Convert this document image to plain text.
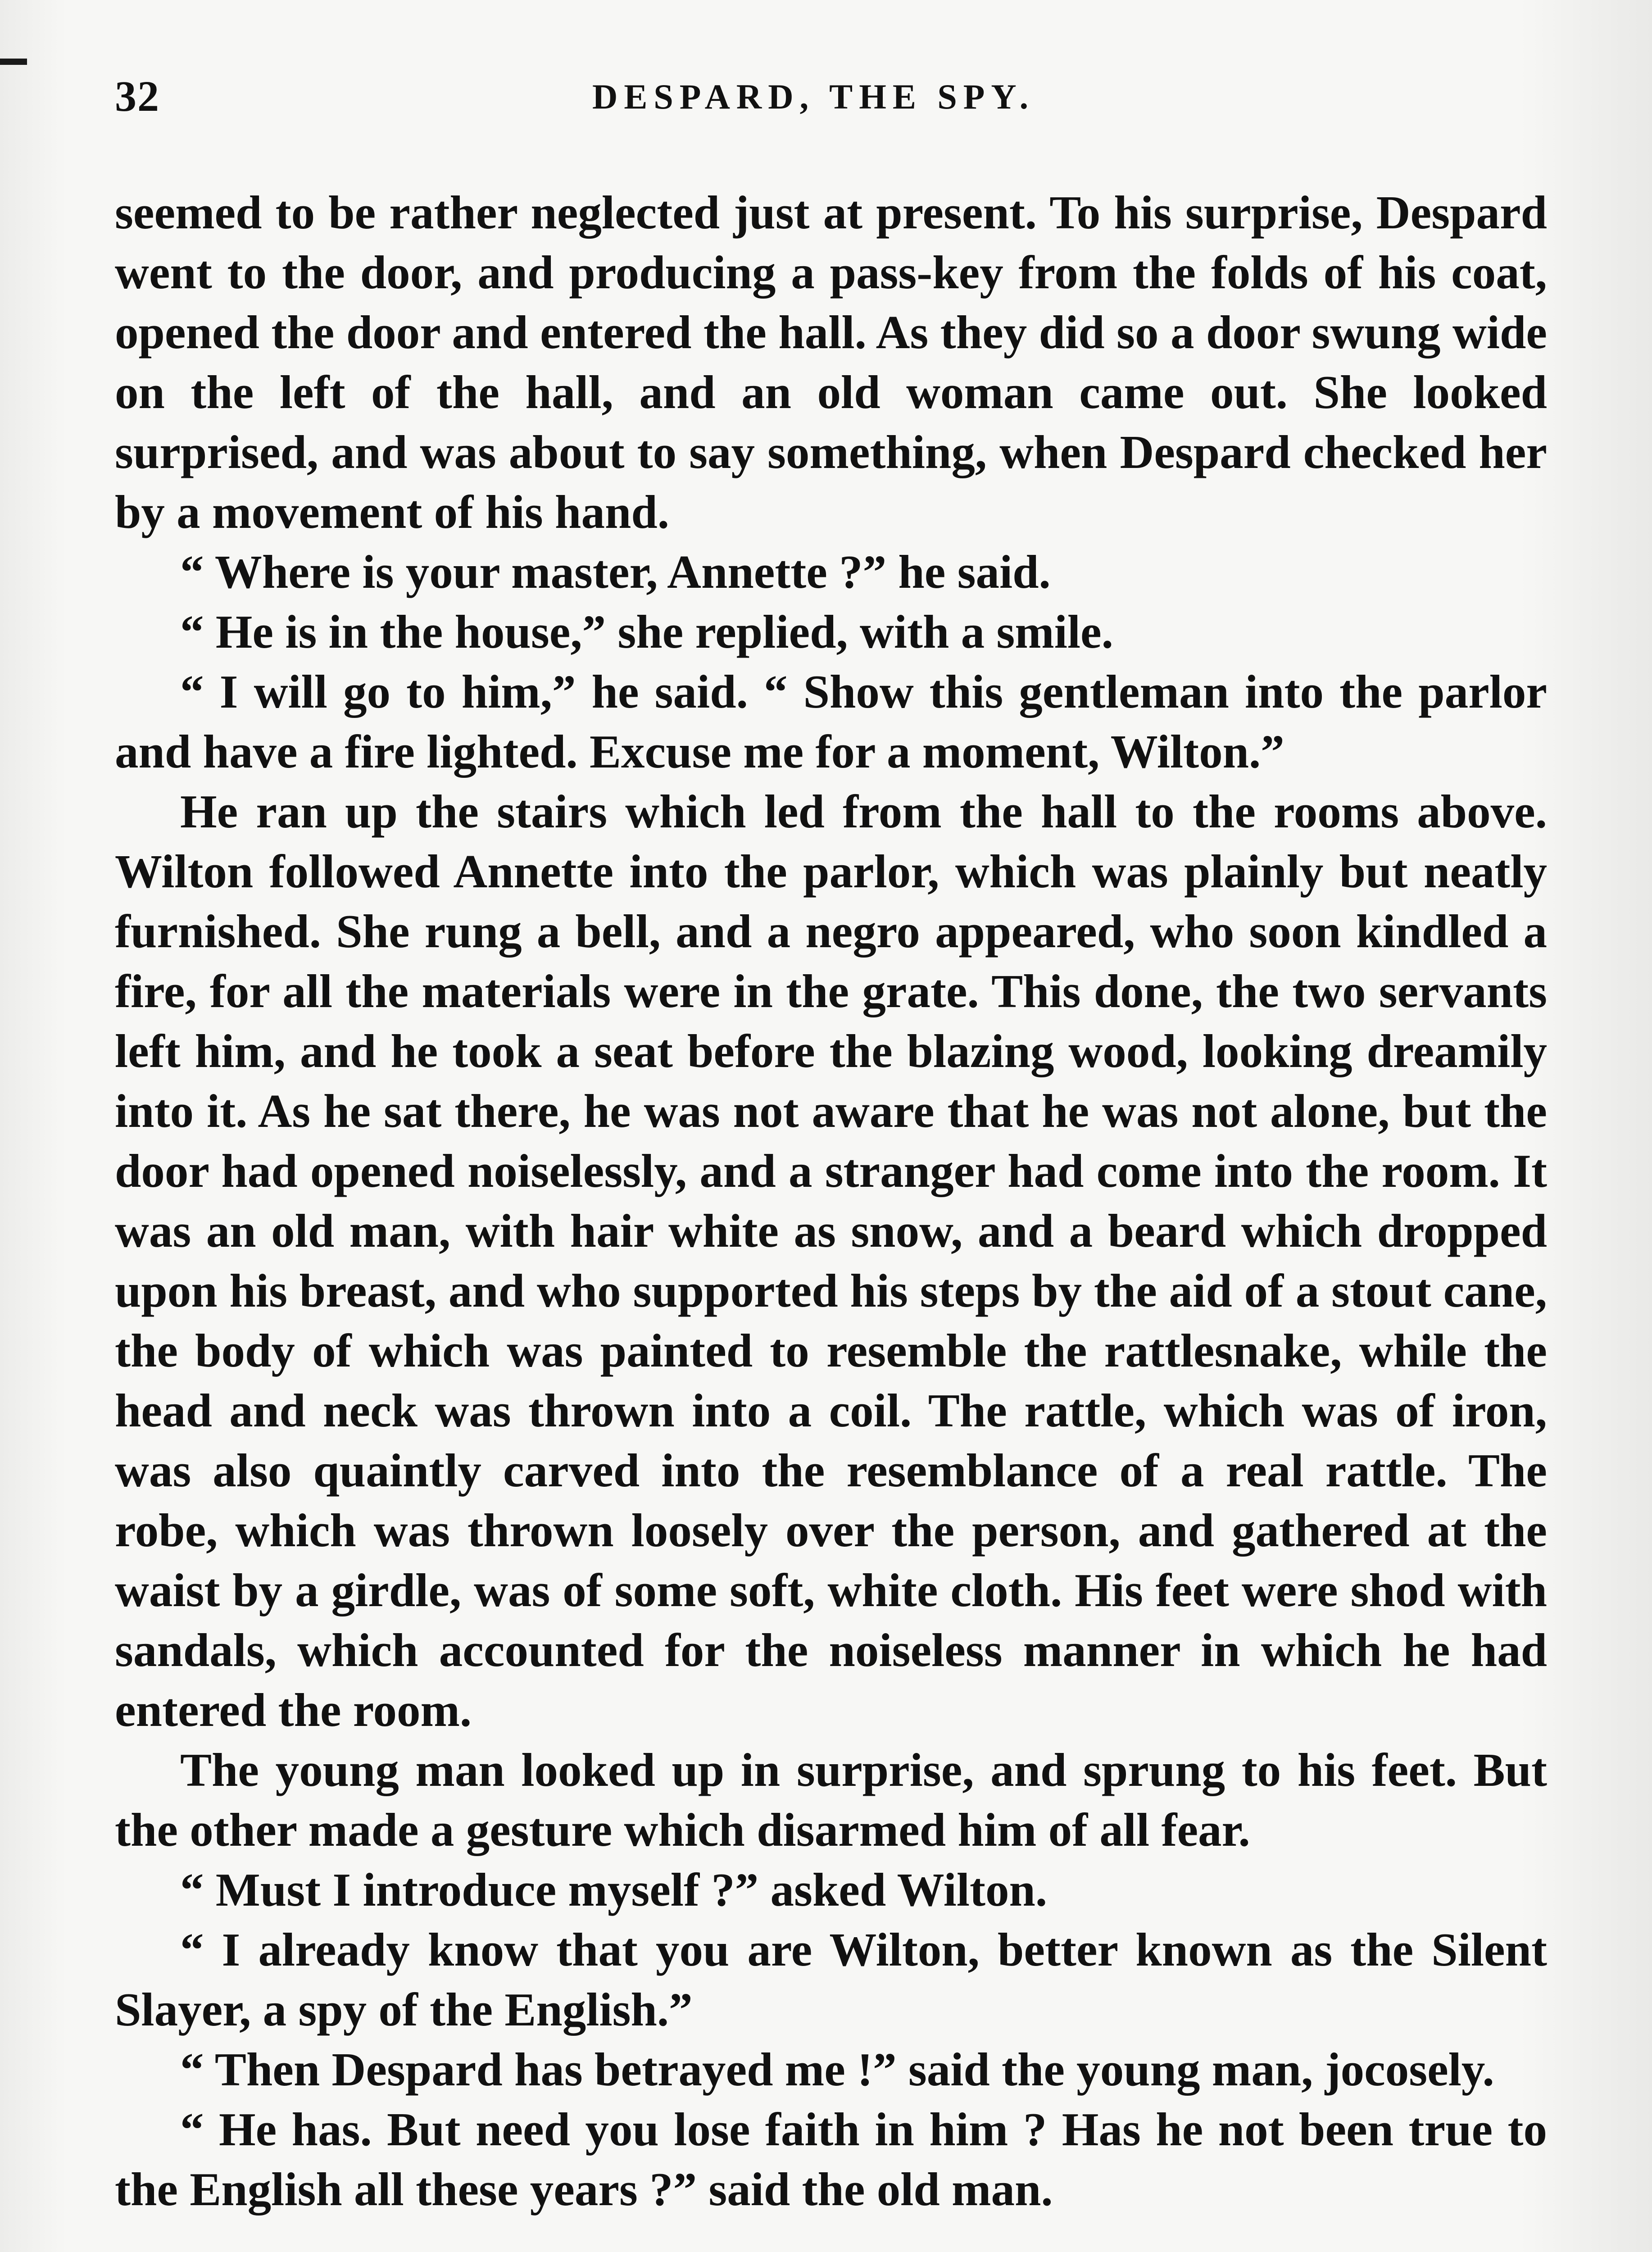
32	DESPARD, THE SPY.

seemed to be rather neglected just at present. To his surprise, Despard went to the door, and producing a pass-key from the folds of his coat, opened the door and entered the hall. As they did so a door swung wide on the left of the hall, and an old woman came out. She looked surprised, and was about to say something, when Despard checked her by a movement of his hand.

“ Where is your master, Annette ?” he said.

“ He is in the house,” she replied, with a smile.

“ I will go to him,” he said. “ Show this gentleman into the parlor and have a fire lighted. Excuse me for a moment, Wilton.”

He ran up the stairs which led from the hall to the rooms above. Wilton followed Annette into the parlor, which was plainly but neatly furnished. She rung a bell, and a negro appeared, who soon kindled a fire, for all the materials were in the grate. This done, the two servants left him, and he took a seat before the blazing wood, looking dreamily into it. As he sat there, he was not aware that he was not alone, but the door had opened noiselessly, and a stranger had come into the room. It was an old man, with hair white as snow, and a beard which dropped upon his breast, and who supported his steps by the aid of a stout cane, the body of which was painted to resemble the rattlesnake, while the head and neck was thrown into a coil. The rattle, which was of iron, was also quaintly carved into the resemblance of a real rattle. The robe, which was thrown loosely over the person, and gathered at the waist by a girdle, was of some soft, white cloth. His feet were shod with sandals, which accounted for the noiseless manner in which he had entered the room.

The young man looked up in surprise, and sprung to his feet. But the other made a gesture which disarmed him of all fear.

“ Must I introduce myself ?” asked Wilton.

“ I already know that you are Wilton, better known as the Silent Slayer, a spy of the English.”

“ Then Despard has betrayed me !” said the young man, jocosely.

“ He has. But need you lose faith in him ? Has he not been true to the English all these years ?” said the old man.
